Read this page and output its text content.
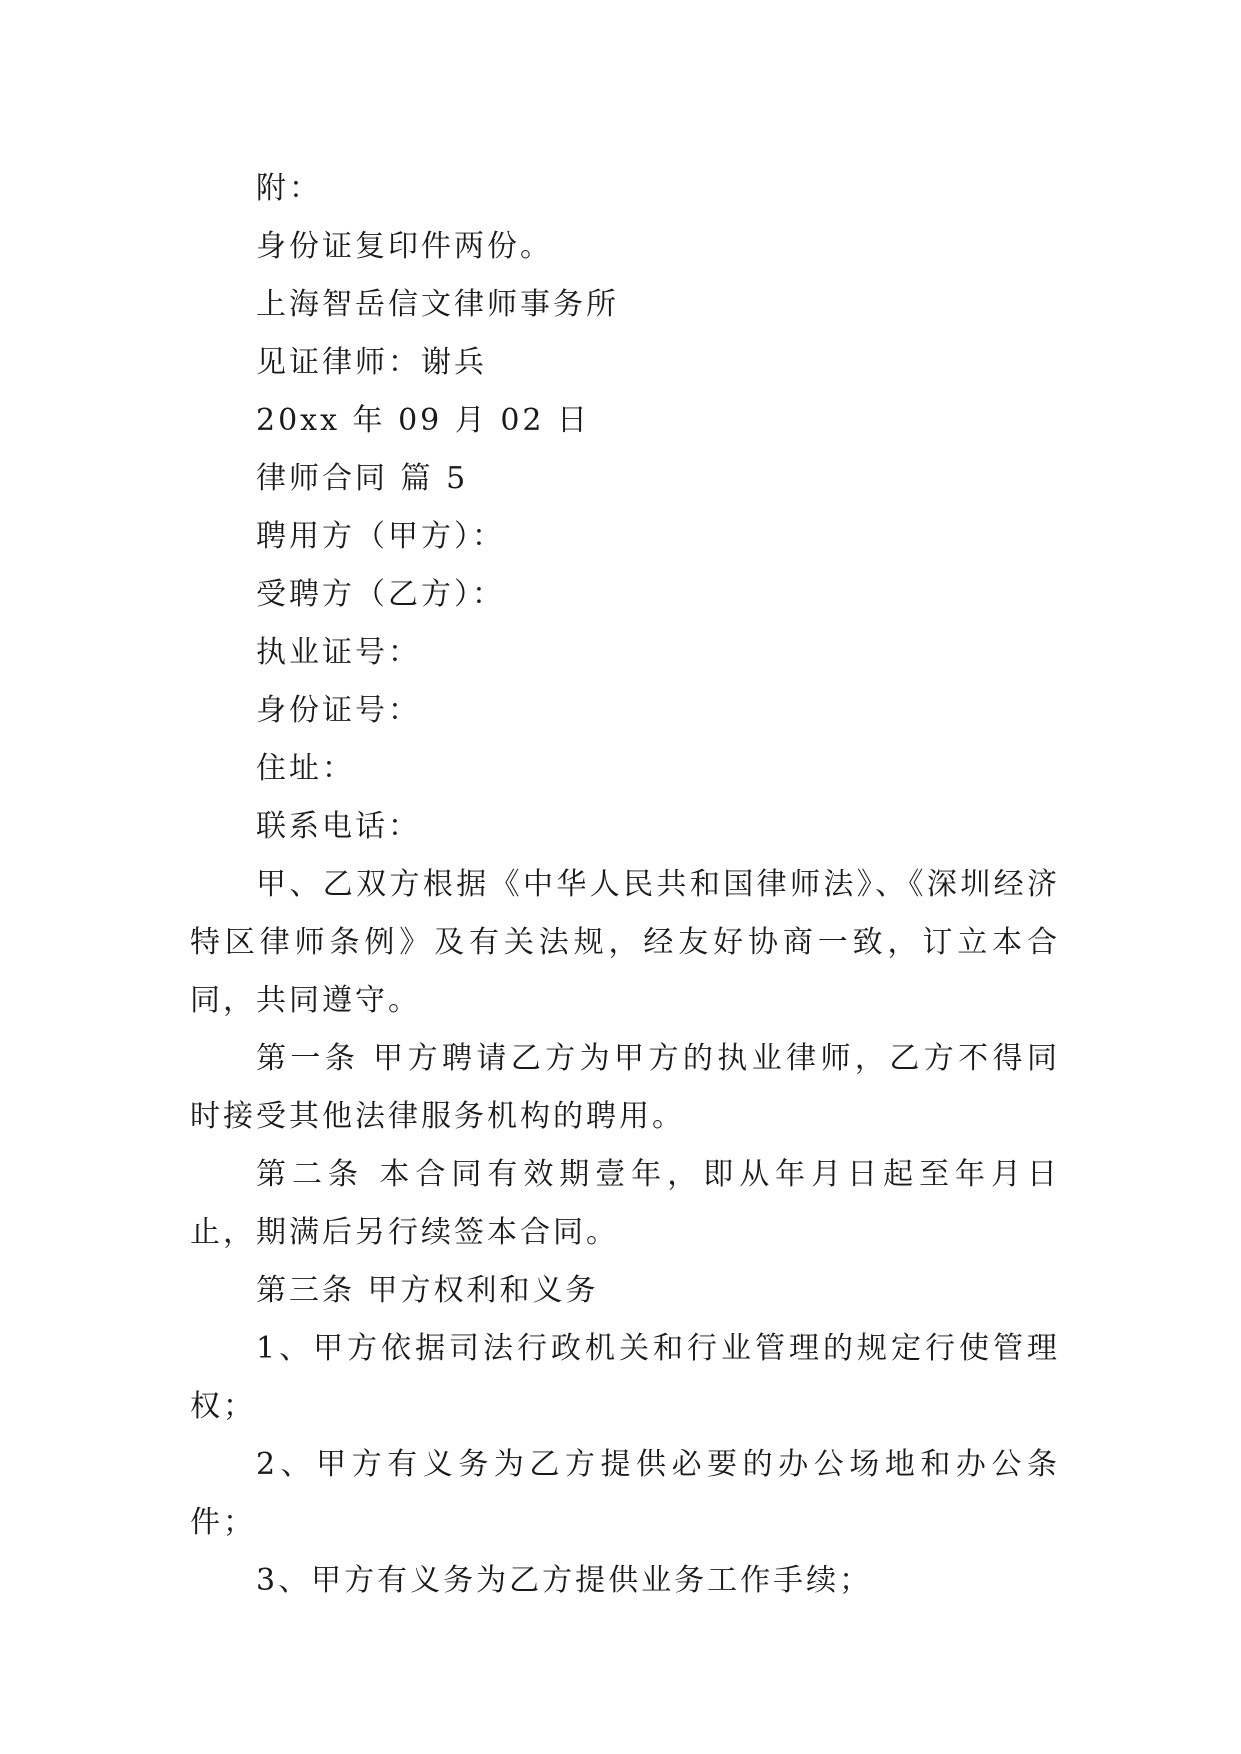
附：

身份证复印件两份。

上海智岳信文律师事务所

见证律师：谢兵

20xx 年 09 月 02 日

律师合同 篇 5

聘用方（甲方）：

受聘方（乙方）：

执业证号：

身份证号：

住址：

联系电话：

甲、乙双方根据《中华人民共和国律师法》、《深圳经济特区律师条例》及有关法规，经友好协商一致，订立本合同，共同遵守。

第一条 甲方聘请乙方为甲方的执业律师，乙方不得同时接受其他法律服务机构的聘用。

第二条 本合同有效期壹年，即从年月日起至年月日止，期满后另行续签本合同。

第三条 甲方权利和义务

1、甲方依据司法行政机关和行业管理的规定行使管理权；

2、甲方有义务为乙方提供必要的办公场地和办公条件；

3、甲方有义务为乙方提供业务工作手续；
